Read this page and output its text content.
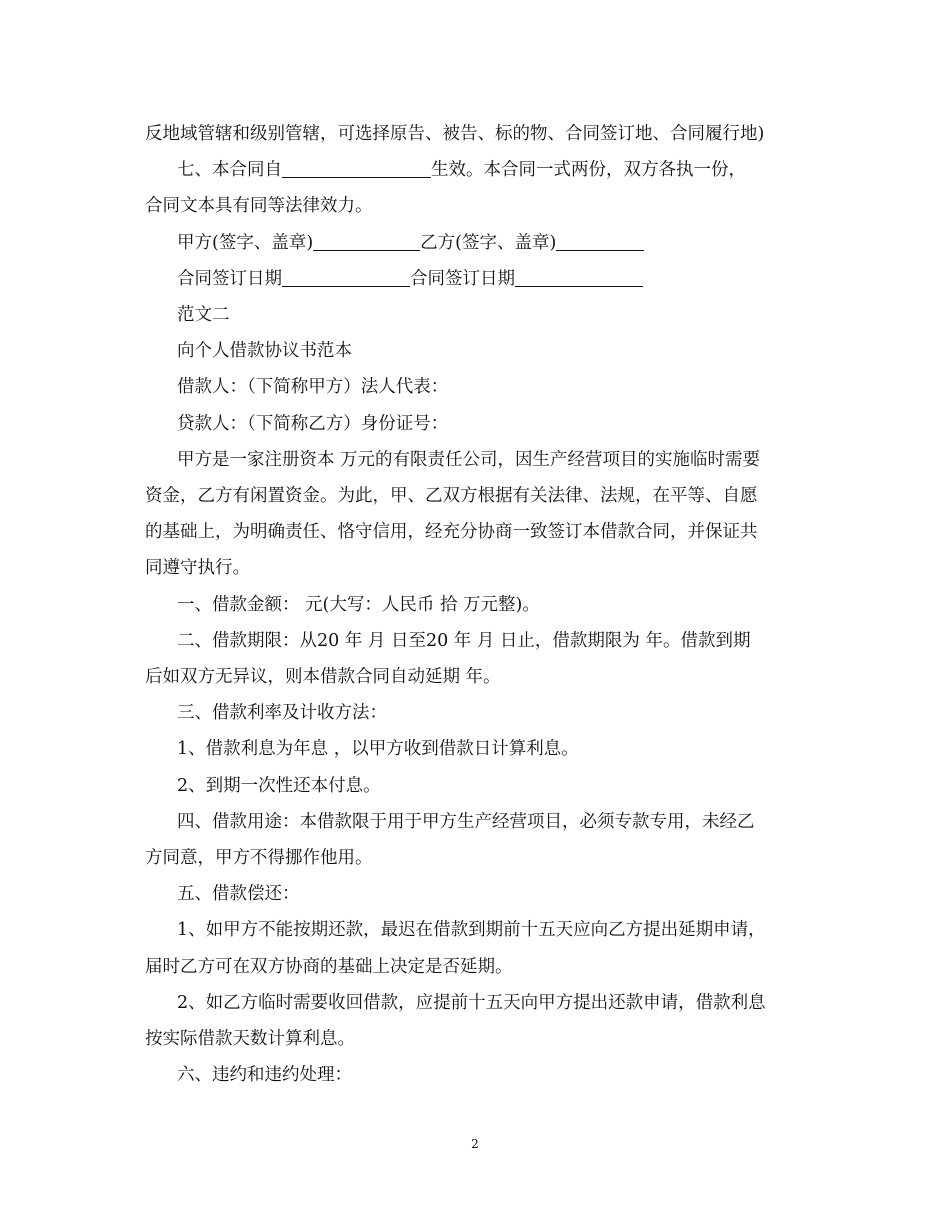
反地域管辖和级别管辖，可选择原告、被告、标的物、合同签订地、合同履行地)

七、本合同自	生效。本合同一式两份，双方各执一份，

合同文本具有同等法律效力。

甲方(签字、盖章)	乙方(签字、盖章)

合同签订日期	合同签订日期

范文二

向个人借款协议书范本

借款人：（下简称甲方）法人代表：

贷款人：（下简称乙方）身份证号：

甲方是一家注册资本 万元的有限责任公司，因生产经营项目的实施临时需要

资金，乙方有闲置资金。为此，甲、乙双方根据有关法律、法规，在平等、自愿

的基础上，为明确责任、恪守信用，经充分协商一致签订本借款合同，并保证共

同遵守执行。

一、借款金额： 元(大写：人民币 拾 万元整)。

二、借款期限：从20 年 月 日至20 年 月 日止，借款期限为 年。借款到期

后如双方无异议，则本借款合同自动延期 年。

三、借款利率及计收方法：

1、借款利息为年息 ，以甲方收到借款日计算利息。

2、到期一次性还本付息。

四、借款用途：本借款限于用于甲方生产经营项目，必须专款专用，未经乙

方同意，甲方不得挪作他用。

五、借款偿还：

1、如甲方不能按期还款，最迟在借款到期前十五天应向乙方提出延期申请，

届时乙方可在双方协商的基础上决定是否延期。

2、如乙方临时需要收回借款，应提前十五天向甲方提出还款申请，借款利息

按实际借款天数计算利息。

六、违约和违约处理：

2
